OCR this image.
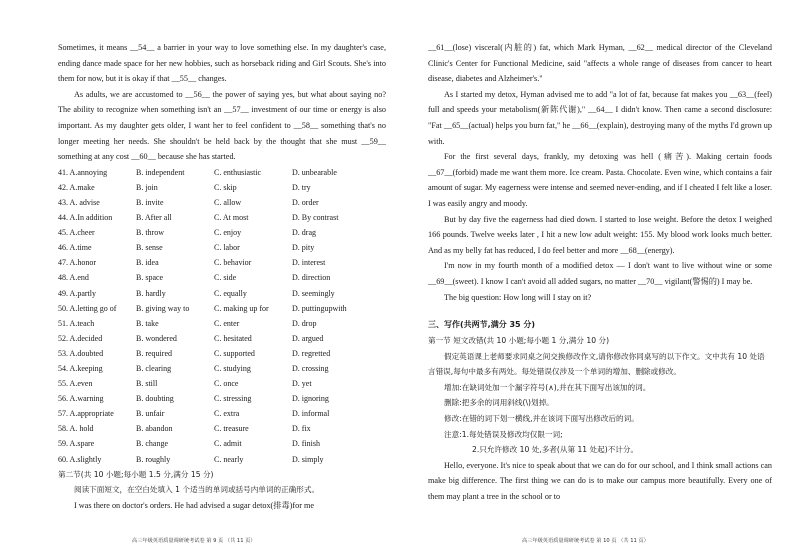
Sometimes, it means __54__ a barrier in your way to love something else. In my daughter's case, ending dance made space for her new hobbies, such as horseback riding and Girl Scouts. She's into them for now, but it is okay if that __55__ changes.

As adults, we are accustomed to __56__ the power of saying yes, but what about saying no? The ability to recognize when something isn't an __57__ investment of our time or energy is also important. As my daughter gets older, I want her to feel confident to __58__ something that's no longer meeting her needs. She shouldn't be held back by the thought that she must __59__ something at any cost __60__ because she has started.

41. A.annoying	B. independent	C. enthusiastic	D. unbearable
42. A.make	B. join	C. skip	D. try
43. A. advise	B. invite	C. allow	D. order
44. A.In addition	B. After all	C. At most	D. By contrast
45. A.cheer	B. throw	C. enjoy	D. drag
46. A.time	B. sense	C. labor	D. pity
47. A.honor	B. idea	C. behavior	D. interest
48. A.end	B. space	C. side	D. direction
49. A.partly	B. hardly	C. equally	D. seemingly
50. A.letting go of	B. giving way to	C. making up for	D. puttingupwith
51. A.teach	B. take	C. enter	D. drop
52. A.decided	B. wondered	C. hesitated	D. argued
53. A.doubted	B. required	C. supported	D. regretted
54. A.keeping	B. clearing	C. studying	D. crossing
55. A.even	B. still	C. once	D. yet
56. A.warning	B. doubting	C. stressing	D. ignoring
57. A.appropriate	B. unfair	C. extra	D. informal
58. A. hold	B. abandon	C. treasure	D. fix
59. A.spare	B. change	C. admit	D. finish
60. A.slightly	B. roughly	C. nearly	D. simply

第二节(共 10 小题;每小题 1.5 分,满分 15 分)

阅读下面短文，在空白处填入 1 个适当的单词或括号内单词的正确形式。

I was there on doctor's orders. He had advised a sugar detox(排毒)for me

高三年级英语质量调研统考试卷 第 9 页 （共 11 页）

__61__(lose) visceral(内脏的) fat, which Mark Hyman, __62__ medical director of the Cleveland Clinic's Center for Functional Medicine, said "affects a whole range of diseases from cancer to heart disease, diabetes and Alzheimer's."

As I started my detox, Hyman advised me to add "a lot of fat, because fat makes you __63__(feel) full and speeds your metabolism(新陈代谢)," __64__ I didn't know. Then came a second disclosure: "Fat __65__(actual) helps you burn fat," he __66__(explain), destroying many of the myths I'd grown up with.

For the first several days, frankly, my detoxing was hell (痛苦). Making certain foods __67__(forbid) made me want them more. Ice cream. Pasta. Chocolate. Even wine, which contains a fair amount of sugar. My eagerness were intense and seemed never-ending, and if I cheated I felt like a loser. I was easily angry and moody.

But by day five the eagerness had died down. I started to lose weight. Before the detox I weighed 166 pounds. Twelve weeks later , I hit a new low adult weight: 155. My blood work looks much better. And as my belly fat has reduced, I do feel better and more __68__(energy).

I'm now in my fourth month of a modified detox — I don't want to live without wine or some __69__(sweet). I know I can't avoid all added sugars, no matter __70__ vigilant(警惕的) I may be.

The big question: How long will I stay on it?

三、写作(共两节,满分 35 分)

第一节 短文改错(共 10 小题;每小题 1 分,满分 10 分)

假定英语课上老师要求同桌之间交换修改作文,请你修改你同桌写的以下作文。文中共有 10 处语言错误,每句中最多有两处。每处错误仅涉及一个单词的增加、删除或修改。

增加:在缺词处加一个漏字符号(∧),并在其下面写出该加的词。

删除:把多余的词用斜线(\)划掉。

修改:在错的词下划一横线,并在该词下面写出修改后的词。

注意:1.每处错误及修改均仅限一词;

2.只允许修改 10 处,多者(从第 11 处起)不计分。

Hello, everyone. It's nice to speak about that we can do for our school, and I think small actions can make big difference. The first thing we can do is to make our campus more beautifully. Every one of them may plant a tree in the school or to

高三年级英语质量调研统考试卷 第 10 页 （共 11 页）
